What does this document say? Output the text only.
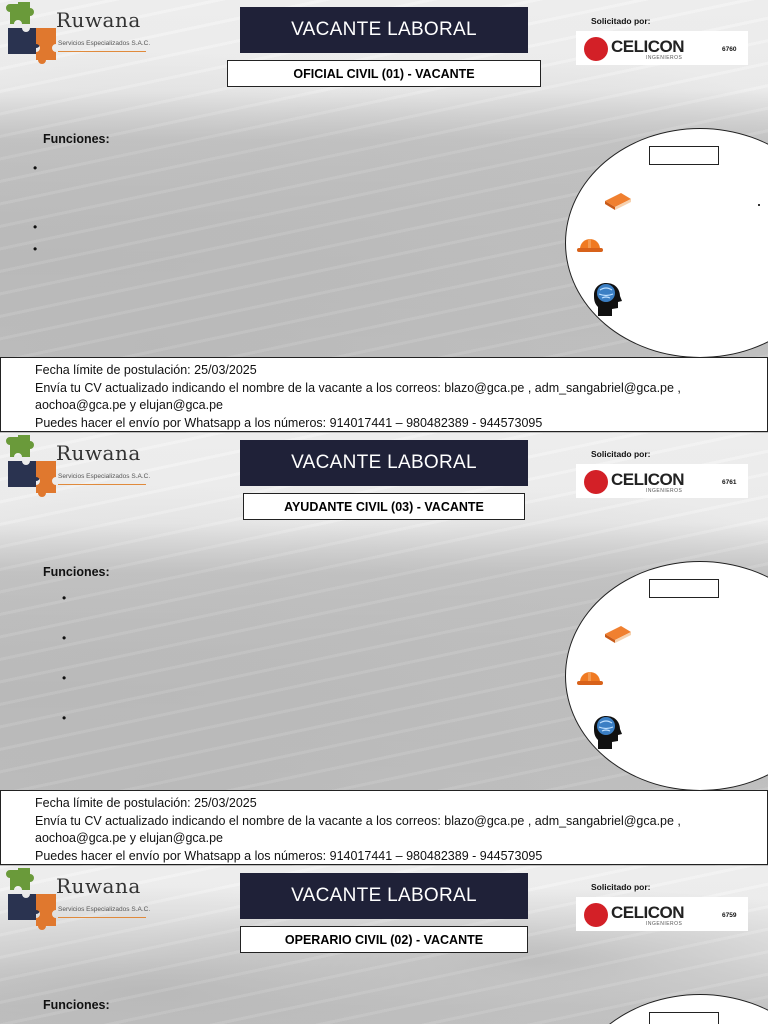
Ruwana
Servicios Especializados S.A.C.
VACANTE LABORAL
OFICIAL CIVIL (01) - VACANTE
Solicitado por:
CELICON
INGENIEROS
6760
Funciones:
•
•
•
Fecha límite de postulación: 25/03/2025
Envía tu CV actualizado indicando el nombre de la vacante a los correos: blazo@gca.pe , adm_sangabriel@gca.pe ,
aochoa@gca.pe y elujan@gca.pe
Puedes hacer el envío por Whatsapp a los números: 914017441 – 980482389 - 944573095
Ruwana
Servicios Especializados S.A.C.
VACANTE LABORAL
AYUDANTE CIVIL (03) - VACANTE
Solicitado por:
CELICON
INGENIEROS
6761
Funciones:
•
•
•
•
Fecha límite de postulación: 25/03/2025
Envía tu CV actualizado indicando el nombre de la vacante a los correos: blazo@gca.pe , adm_sangabriel@gca.pe ,
aochoa@gca.pe y elujan@gca.pe
Puedes hacer el envío por Whatsapp a los números: 914017441 – 980482389 - 944573095
Ruwana
Servicios Especializados S.A.C.
VACANTE LABORAL
OPERARIO CIVIL (02) - VACANTE
Solicitado por:
CELICON
INGENIEROS
6759
Funciones:
